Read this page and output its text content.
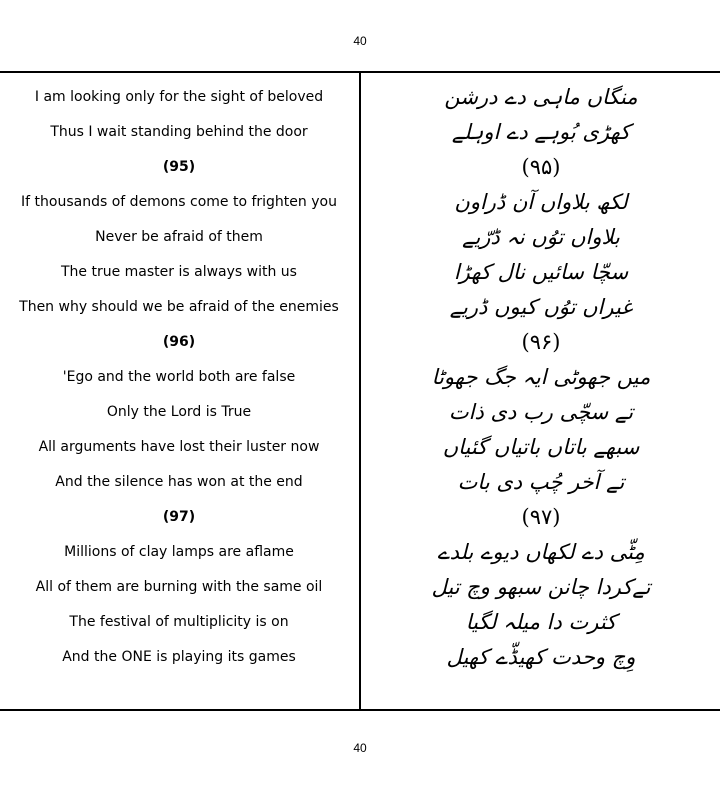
40
I am looking only for the sight of beloved
Thus I wait standing behind the door
(95)
If thousands of demons come to frighten you
Never be afraid of them
The true master is always with us
Then why should we be afraid of the enemies
(96)
'Ego and the world both are false
Only the Lord is True
All arguments have lost their luster now
And the silence has won at the end
(97)
Millions of clay lamps are aflame
All of them are burning with the same oil
The festival of multiplicity is on
And the ONE is playing its games
منگاں ماہی دے درشن
کھڑی بُوہے دے اوہلے
(۹۵)
لکھ بلاواں آن ڈراون
بلاواں توُں نہ ڈرّیے
سچّا سائیں نال کھڑا
غیراں توُں کیوں ڈریے
(۹۶)
میں جھوٹی ایہ جگ جھوٹا
تے سچّی رب دی ذات
سبھے باتاں باتیاں گئیاں
تے آخر چُپ دی بات
(۹۷)
مِٹّی دے لکھاں دیوے بلدے
تےکردا چانن سبھو وچ تیل
کثرت دا میلہ لگیا
وِچ وحدت کھیڈّے کھیل
40
